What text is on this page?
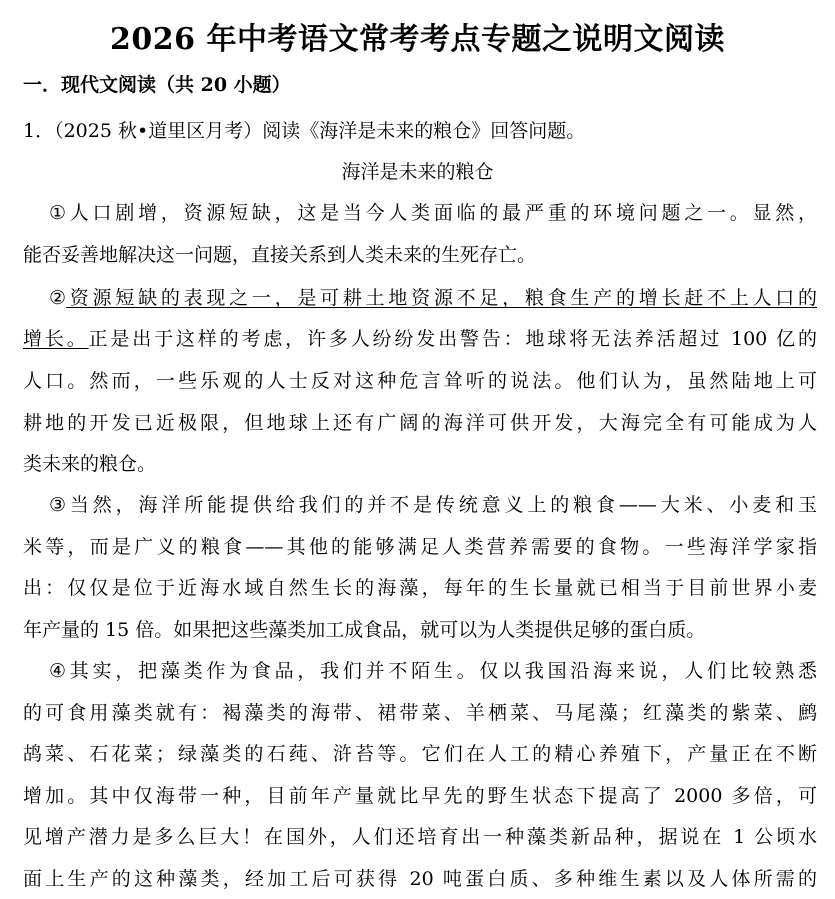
2026 年中考语文常考考点专题之说明文阅读
一．现代文阅读（共 20 小题）
1．（2025 秋•道里区月考）阅读《海洋是未来的粮仓》回答问题。
海洋是未来的粮仓
①人口剧增，资源短缺，这是当今人类面临的最严重的环境问题之一。显然，
能否妥善地解决这一问题，直接关系到人类未来的生死存亡。
②资源短缺的表现之一，是可耕土地资源不足，粮食生产的增长赶不上人口的
增长。正是出于这样的考虑，许多人纷纷发出警告：地球将无法养活超过 100 亿的
人口。然而，一些乐观的人士反对这种危言耸听的说法。他们认为，虽然陆地上可
耕地的开发已近极限，但地球上还有广阔的海洋可供开发，大海完全有可能成为人
类未来的粮仓。
③当然，海洋所能提供给我们的并不是传统意义上的粮食——大米、小麦和玉
米等，而是广义的粮食——其他的能够满足人类营养需要的食物。一些海洋学家指
出：仅仅是位于近海水域自然生长的海藻，每年的生长量就已相当于目前世界小麦
年产量的 15 倍。如果把这些藻类加工成食品，就可以为人类提供足够的蛋白质。
④其实，把藻类作为食品，我们并不陌生。仅以我国沿海来说，人们比较熟悉
的可食用藻类就有：褐藻类的海带、裙带菜、羊栖菜、马尾藻；红藻类的紫菜、鹧
鸪菜、石花菜；绿藻类的石莼、浒苔等。它们在人工的精心养殖下，产量正在不断
增加。其中仅海带一种，目前年产量就比早先的野生状态下提高了 2000 多倍，可
见增产潜力是多么巨大！在国外，人们还培育出一种藻类新品种，据说在 1 公顷水
面上生产的这种藻类，经加工后可获得 20 吨蛋白质、多种维生素以及人体所需的
